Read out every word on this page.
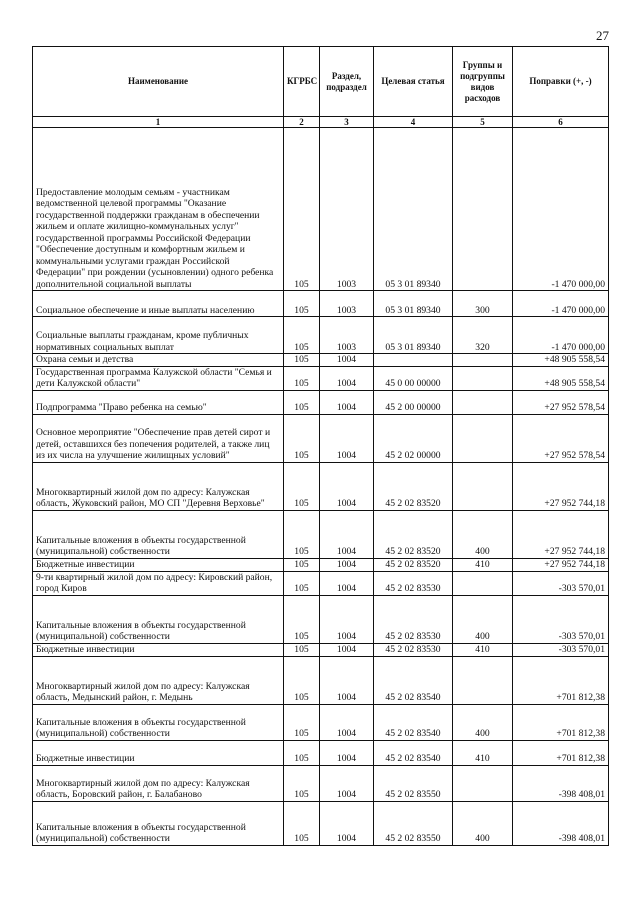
27
Наименование	КГРБС	Раздел, подраздел	Целевая статья	Группы и подгруппы видов расходов	Поправки (+, -)
1	2	3	4	5	6
Предоставление молодым семьям - участникам ведомственной целевой программы "Оказание государственной поддержки гражданам в обеспечении жильем и оплате жилищно-коммунальных услуг" государственной программы Российской Федерации "Обеспечение доступным и комфортным жильем и коммунальными услугами граждан Российской Федерации" при рождении (усыновлении) одного ребенка дополнительной социальной выплаты	105	1003	05 3 01 89340		-1 470 000,00
Социальное обеспечение и иные выплаты населению	105	1003	05 3 01 89340	300	-1 470 000,00
Социальные выплаты гражданам, кроме публичных нормативных социальных выплат	105	1003	05 3 01 89340	320	-1 470 000,00
Охрана семьи и детства	105	1004			+48 905 558,54
Государственная программа Калужской области "Семья и дети Калужской области"	105	1004	45 0 00 00000		+48 905 558,54
Подпрограмма "Право ребенка на семью"	105	1004	45 2 00 00000		+27 952 578,54
Основное мероприятие "Обеспечение прав детей сирот и детей, оставшихся без попечения родителей, а также лиц из их числа на улучшение жилищных условий"	105	1004	45 2 02 00000		+27 952 578,54
Многоквартирный жилой дом по адресу: Калужская область, Жуковский район, МО СП "Деревня Верховье"	105	1004	45 2 02 83520		+27 952 744,18
Капитальные вложения в объекты государственной (муниципальной) собственности	105	1004	45 2 02 83520	400	+27 952 744,18
Бюджетные инвестиции	105	1004	45 2 02 83520	410	+27 952 744,18
9-ти квартирный жилой дом по адресу: Кировский район, город Киров	105	1004	45 2 02 83530		-303 570,01
Капитальные вложения в объекты государственной (муниципальной) собственности	105	1004	45 2 02 83530	400	-303 570,01
Бюджетные инвестиции	105	1004	45 2 02 83530	410	-303 570,01
Многоквартирный жилой дом по адресу: Калужская область, Медынский район, г. Медынь	105	1004	45 2 02 83540		+701 812,38
Капитальные вложения в объекты государственной (муниципальной) собственности	105	1004	45 2 02 83540	400	+701 812,38
Бюджетные инвестиции	105	1004	45 2 02 83540	410	+701 812,38
Многоквартирный жилой дом по адресу: Калужская область, Боровский район, г. Балабаново	105	1004	45 2 02 83550		-398 408,01
Капитальные вложения в объекты государственной (муниципальной) собственности	105	1004	45 2 02 83550	400	-398 408,01
